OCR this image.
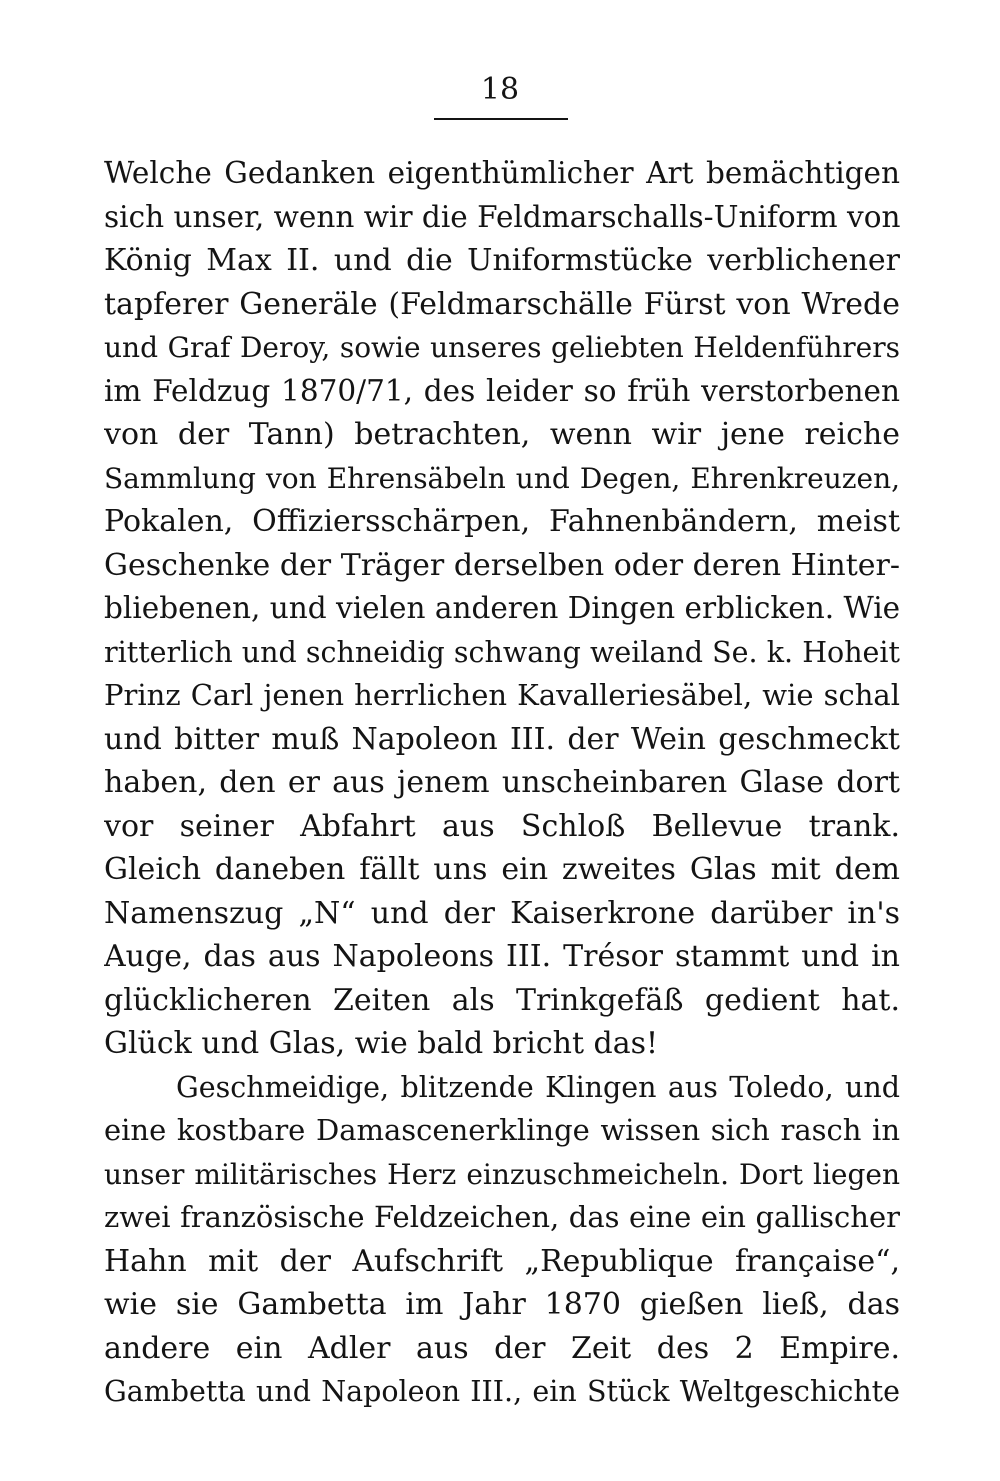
18
Welche Gedanken eigenthümlicher Art bemächtigen
sich unser, wenn wir die Feldmarschalls-Uniform von
König Max II. und die Uniformstücke verblichener
tapferer Generäle (Feldmarschälle Fürst von Wrede
und Graf Deroy, sowie unseres geliebten Heldenführers
im Feldzug 1870/71, des leider so früh verstorbenen
von der Tann) betrachten, wenn wir jene reiche
Sammlung von Ehrensäbeln und Degen, Ehrenkreuzen,
Pokalen, Offiziersschärpen, Fahnenbändern, meist
Geschenke der Träger derselben oder deren Hinter-
bliebenen, und vielen anderen Dingen erblicken. Wie
ritterlich und schneidig schwang weiland Se. k. Hoheit
Prinz Carl jenen herrlichen Kavalleriesäbel, wie schal
und bitter muß Napoleon III. der Wein geschmeckt
haben, den er aus jenem unscheinbaren Glase dort
vor seiner Abfahrt aus Schloß Bellevue trank.
Gleich daneben fällt uns ein zweites Glas mit dem
Namenszug „N“ und der Kaiserkrone darüber in's
Auge, das aus Napoleons III. Trésor stammt und in
glücklicheren Zeiten als Trinkgefäß gedient hat.
Glück und Glas, wie bald bricht das!
Geschmeidige, blitzende Klingen aus Toledo, und
eine kostbare Damascenerklinge wissen sich rasch in
unser militärisches Herz einzuschmeicheln. Dort liegen
zwei französische Feldzeichen, das eine ein gallischer
Hahn mit der Aufschrift „Republique française“,
wie sie Gambetta im Jahr 1870 gießen ließ, das
andere ein Adler aus der Zeit des 2 Empire.
Gambetta und Napoleon III., ein Stück Weltgeschichte
